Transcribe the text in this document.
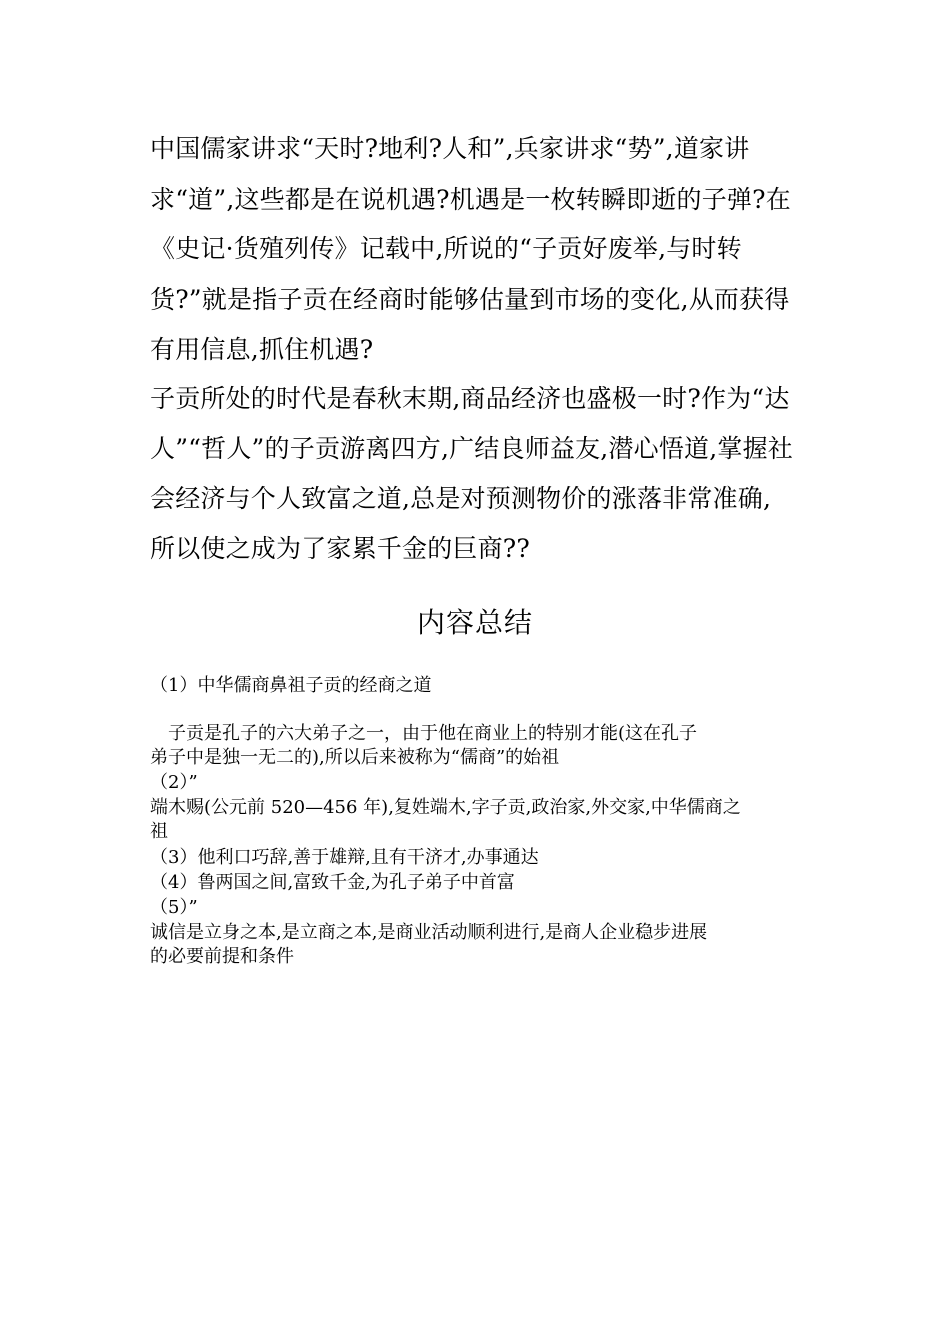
中国儒家讲求“天时?地利?人和”,兵家讲求“势”,道家讲
求“道”,这些都是在说机遇?机遇是一枚转瞬即逝的子弹?在
《史记·货殖列传》记载中,所说的“子贡好废举,与时转
货?”就是指子贡在经商时能够估量到市场的变化,从而获得
有用信息,抓住机遇?
子贡所处的时代是春秋末期,商品经济也盛极一时?作为“达
人”“哲人”的子贡游离四方,广结良师益友,潜心悟道,掌握社
会经济与个人致富之道,总是对预测物价的涨落非常准确,
所以使之成为了家累千金的巨商??
内容总结
（1）中华儒商鼻祖子贡的经商之道
　子贡是孔子的六大弟子之一，由于他在商业上的特别才能(这在孔子
弟子中是独一无二的),所以后来被称为“儒商”的始祖
（2）”
端木赐(公元前 520—456 年),复姓端木,字子贡,政治家,外交家,中华儒商之
祖
（3）他利口巧辞,善于雄辩,且有干济才,办事通达
（4）鲁两国之间,富致千金,为孔子弟子中首富
（5）”
诚信是立身之本,是立商之本,是商业活动顺利进行,是商人企业稳步进展
的必要前提和条件
